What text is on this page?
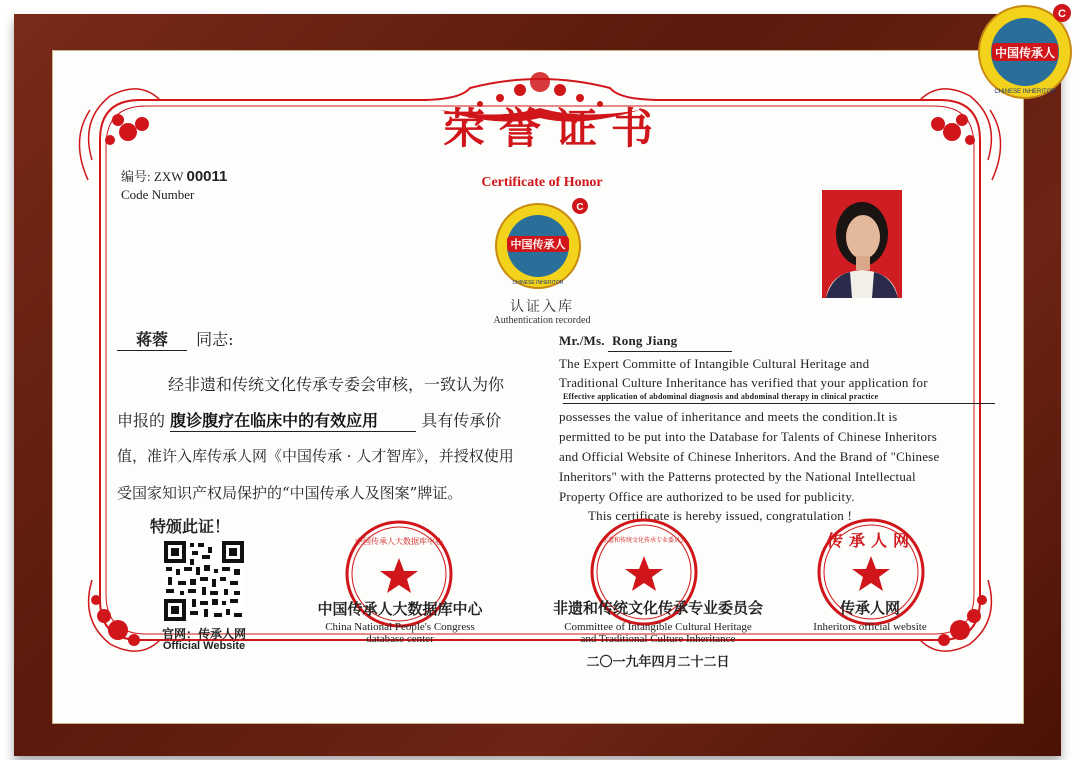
中国传承人
CHINESE INHERITOR
C
荣誉证书
Certificate of Honor
编号: ZXW 00011
Code Number
中国传承人
CHINESE INHERITOR
C
认证入库
Authentication recorded
蒋蓉 同志:
经非遗和传统文化传承专委会审核，一致认为你
申报的 腹诊腹疗在临床中的有效应用	具有传承价
值，准许入库传承人网《中国传承 · 人才智库》，并授权使用
受国家知识产权局保护的“中国传承人及图案”牌证。
特颁此证！
Mr./Ms. Rong Jiang
The Expert Committe of Intangible Cultural Heritage and
Traditional Culture Inheritance has verified that your application for
Effective application of abdominal diagnosis and abdominal therapy in clinical practice
possesses the value of inheritance and meets the condition.It is
permitted to be put into the Database for Talents of Chinese Inheritors
and Official Website of Chinese Inheritors. And the Brand of "Chinese
Inheritors" with the Patterns protected by the National Intellectual
Property Office are authorized to be used for publicity.
This certificate is hereby issued, congratulation !
官网：传承人网
Official Website
中国传承人大数据库中心
中国传承人大数据库中心
China National People's Congress
database center
非遗和传统文化传承专业委员会
非遗和传统文化传承专业委员会
Committee of Intangible Cultural Heritage
and Traditional Culture Inheritance
传承人网
传承人网
Inheritors official website
二〇一九年四月二十二日
